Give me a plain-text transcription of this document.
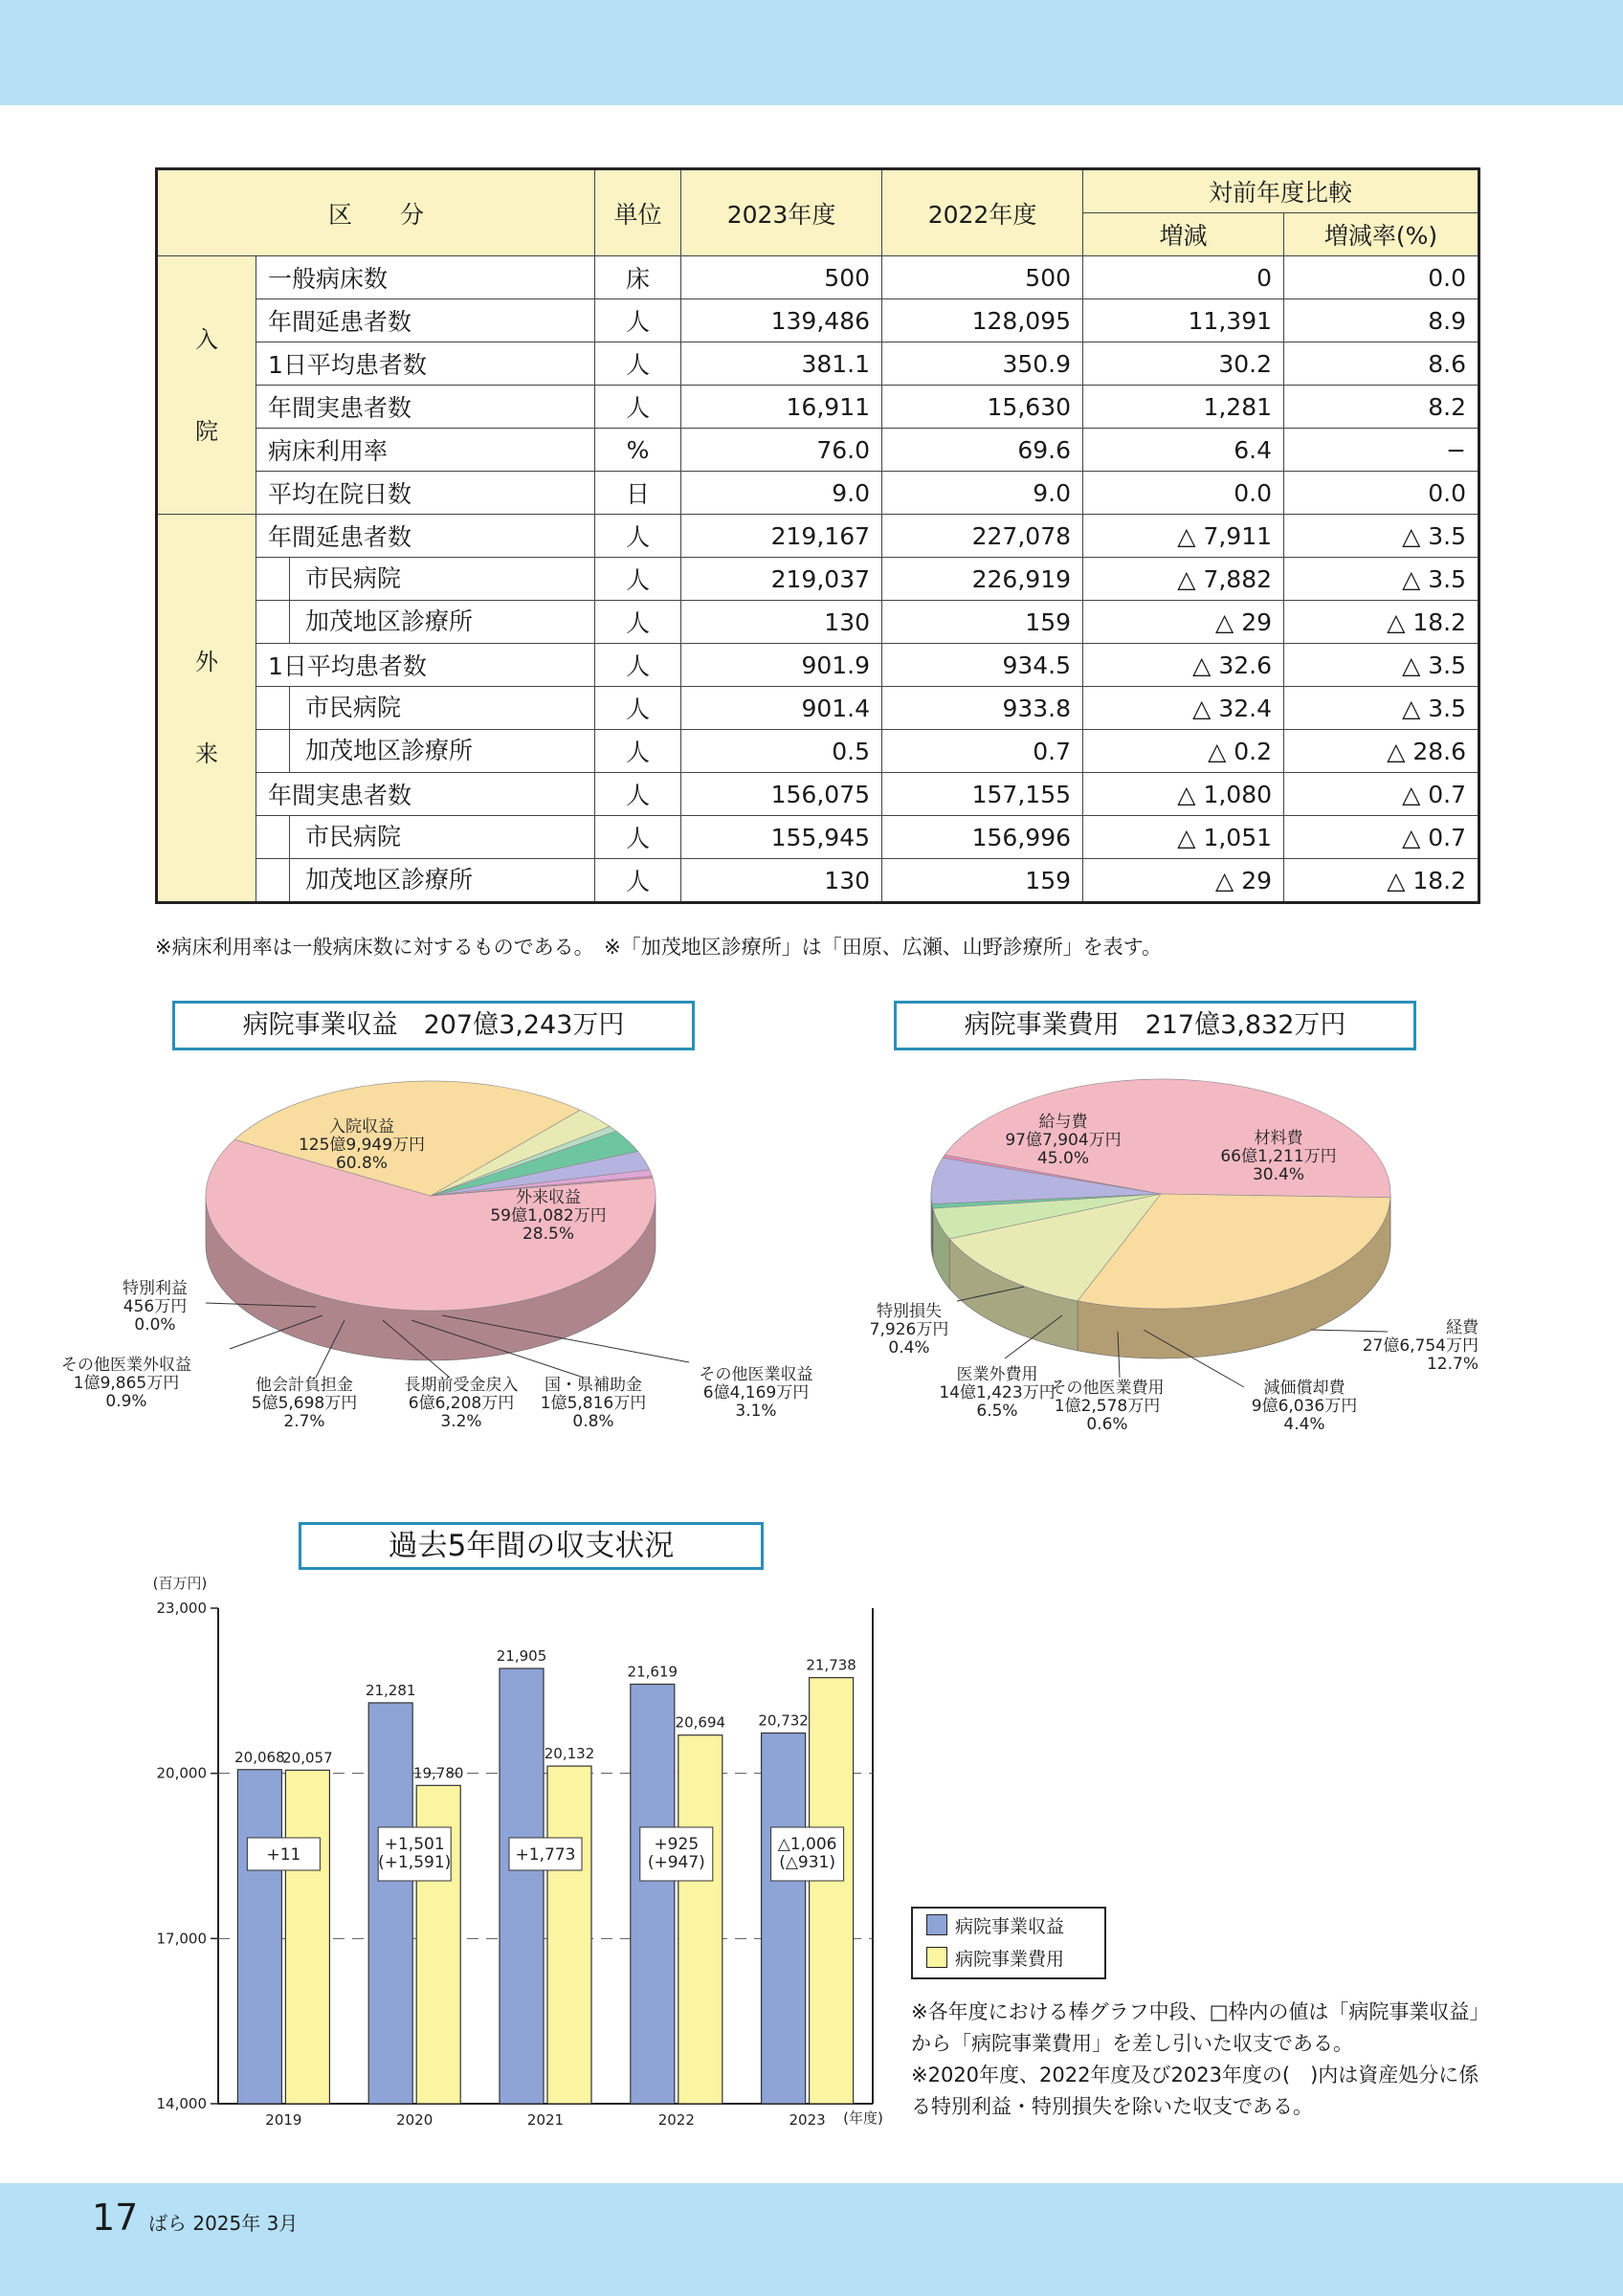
区　　分		単位	2023年度	2022年度	対前年度比較	
					増減	増減率(%)

入
院	一般病床数	床	500	500	0	0.0
	年間延患者数	人	139,486	128,095	11,391	8.9
	1日平均患者数	人	381.1	350.9	30.2	8.6
	年間実患者数	人	16,911	15,630	1,281	8.2
	病床利用率	%	76.0	69.6	6.4	−
	平均在院日数	日	9.0	9.0	0.0	0.0

外
来	年間延患者数	人	219,167	227,078	△ 7,911	△ 3.5

	市民病院	人	219,037	226,919	△ 7,882	△ 3.5

	加茂地区診療所	人	130	159	△ 29	△ 18.2
	1日平均患者数	人	901.9	934.5	△ 32.6	△ 3.5

	市民病院	人	901.4	933.8	△ 32.4	△ 3.5

	加茂地区診療所	人	0.5	0.7	△ 0.2	△ 28.6
	年間実患者数	人	156,075	157,155	△ 1,080	△ 0.7

	市民病院	人	155,945	156,996	△ 1,051	△ 0.7

	加茂地区診療所	人	130	159	△ 29	△ 18.2
※病床利用率は一般病床数に対するものである。　※「加茂地区診療所」は「田原、広瀬、山野診療所」を表す。
病院事業収益　207億3,243万円	病院事業費用　217億3,832万円
過去5年間の収支状況
入院収益 125億9,949万円 60.8%
外来収益 59億1,082万円 28.5%
その他医業収益 6億4,169万円 3.1%
国・県補助金 1億5,816万円 0.8%
長期前受金戻入 6億6,208万円 3.2%
他会計負担金 5億5,698万円 2.7%
その他医業外収益 1億9,865万円 0.9%
特別利益 456万円 0.0%
給与費 97億7,904万円 45.0%
材料費 66億1,211万円 30.4%
経費 27億6,754万円 12.7%
減価償却費 9億6,036万円 4.4%
その他医業費用 1億2,578万円 0.6%
医業外費用 14億1,423万円 6.5%
特別損失 7,926万円 0.4%
(百万円)
14,000
17,000
20,000
23,000
20,068
20,057
2019
+11
21,281
19,780
2020
+1,501 (+1,591)
21,905
20,132
2021
+1,773
21,619
20,694
2022
+925 (+947)
20,732
21,738
2023
△1,006 (△931)
(年度)
病院事業収益
病院事業費用
※各年度における棒グラフ中段、□枠内の値は「病院事業収益」から「病院事業費用」を差し引いた収支である。
※2020年度、2022年度及び2023年度の(　)内は資産処分に係る特別利益・特別損失を除いた収支である。
17 ばら 2025年 3月
